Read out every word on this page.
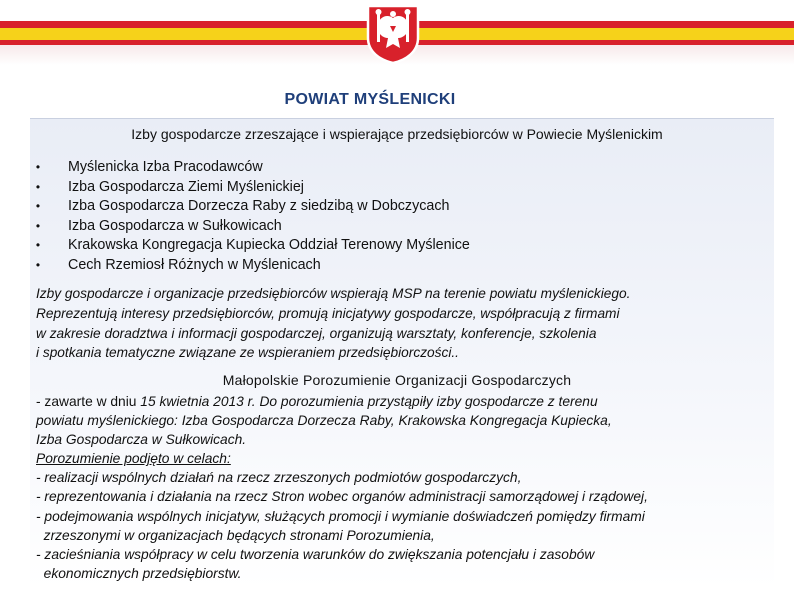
POWIAT MYŚLENICKI
Izby gospodarcze zrzeszające i wspierające przedsiębiorców w Powiecie Myślenickim
• Myślenicka Izba Pracodawców
• Izba Gospodarcza Ziemi Myślenickiej
• Izba Gospodarcza Dorzecza Raby z siedzibą w Dobczycach
• Izba Gospodarcza w Sułkowicach
• Krakowska Kongregacja Kupiecka Oddział Terenowy Myślenice
• Cech Rzemiosł Różnych w Myślenicach
Izby gospodarcze i organizacje przedsiębiorców wspierają MSP na terenie powiatu myślenickiego.
Reprezentują interesy przedsiębiorców, promują inicjatywy gospodarcze, współpracują z firmami
w zakresie doradztwa i informacji gospodarczej, organizują warsztaty, konferencje, szkolenia
i spotkania tematyczne związane ze wspieraniem przedsiębiorczości..
Małopolskie Porozumienie Organizacji Gospodarczych
- zawarte w dniu 15 kwietnia 2013 r. Do porozumienia przystąpiły izby gospodarcze z terenu
powiatu myślenickiego: Izba Gospodarcza Dorzecza Raby, Krakowska Kongregacja Kupiecka,
Izba Gospodarcza w Sułkowicach.
Porozumienie podjęto w celach:
- realizacji wspólnych działań na rzecz zrzeszonych podmiotów gospodarczych,
- reprezentowania i działania na rzecz Stron wobec organów administracji samorządowej i rządowej,
- podejmowania wspólnych inicjatyw, służących promocji i wymianie doświadczeń pomiędzy firmami
zrzeszonymi w organizacjach będących stronami Porozumienia,
- zacieśniania współpracy w celu tworzenia warunków do zwiększania potencjału i zasobów
ekonomicznych przedsiębiorstw.
